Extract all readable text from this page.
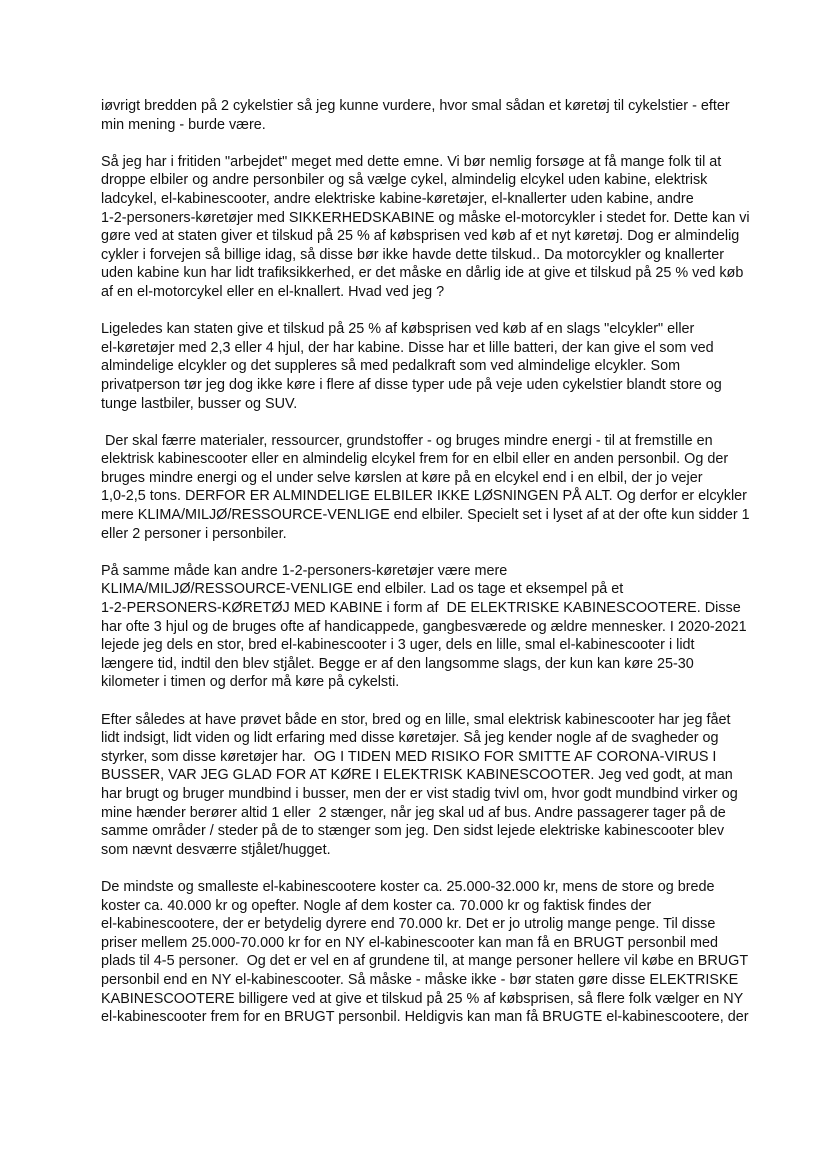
iøvrigt bredden på 2 cykelstier så jeg kunne vurdere, hvor smal sådan et køretøj til cykelstier - efter
min mening - burde være.
Så jeg har i fritiden "arbejdet" meget med dette emne. Vi bør nemlig forsøge at få mange folk til at
droppe elbiler og andre personbiler og så vælge cykel, almindelig elcykel uden kabine, elektrisk
ladcykel, el-kabinescooter, andre elektriske kabine-køretøjer, el-knallerter uden kabine, andre
1-2-personers-køretøjer med SIKKERHEDSKABINE og måske el-motorcykler i stedet for. Dette kan vi
gøre ved at staten giver et tilskud på 25 % af købsprisen ved køb af et nyt køretøj. Dog er almindelig
cykler i forvejen så billige idag, så disse bør ikke havde dette tilskud.. Da motorcykler og knallerter
uden kabine kun har lidt trafiksikkerhed, er det måske en dårlig ide at give et tilskud på 25 % ved køb
af en el-motorcykel eller en el-knallert. Hvad ved jeg ?
Ligeledes kan staten give et tilskud på 25 % af købsprisen ved køb af en slags "elcykler" eller
el-køretøjer med 2,3 eller 4 hjul, der har kabine. Disse har et lille batteri, der kan give el som ved
almindelige elcykler og det suppleres så med pedalkraft som ved almindelige elcykler. Som
privatperson tør jeg dog ikke køre i flere af disse typer ude på veje uden cykelstier blandt store og
tunge lastbiler, busser og SUV.
Der skal færre materialer, ressourcer, grundstoffer - og bruges mindre energi - til at fremstille en
elektrisk kabinescooter eller en almindelig elcykel frem for en elbil eller en anden personbil. Og der
bruges mindre energi og el under selve kørslen at køre på en elcykel end i en elbil, der jo vejer
1,0-2,5 tons. DERFOR ER ALMINDELIGE ELBILER IKKE LØSNINGEN PÅ ALT. Og derfor er elcykler
mere KLIMA/MILJØ/RESSOURCE-VENLIGE end elbiler. Specielt set i lyset af at der ofte kun sidder 1
eller 2 personer i personbiler.
På samme måde kan andre 1-2-personers-køretøjer være mere
KLIMA/MILJØ/RESSOURCE-VENLIGE end elbiler. Lad os tage et eksempel på et
1-2-PERSONERS-KØRETØJ MED KABINE i form af  DE ELEKTRISKE KABINESCOOTERE. Disse
har ofte 3 hjul og de bruges ofte af handicappede, gangbesværede og ældre mennesker. I 2020-2021
lejede jeg dels en stor, bred el-kabinescooter i 3 uger, dels en lille, smal el-kabinescooter i lidt
længere tid, indtil den blev stjålet. Begge er af den langsomme slags, der kun kan køre 25-30
kilometer i timen og derfor må køre på cykelsti.
Efter således at have prøvet både en stor, bred og en lille, smal elektrisk kabinescooter har jeg fået
lidt indsigt, lidt viden og lidt erfaring med disse køretøjer. Så jeg kender nogle af de svagheder og
styrker, som disse køretøjer har.  OG I TIDEN MED RISIKO FOR SMITTE AF CORONA-VIRUS I
BUSSER, VAR JEG GLAD FOR AT KØRE I ELEKTRISK KABINESCOOTER. Jeg ved godt, at man
har brugt og bruger mundbind i busser, men der er vist stadig tvivl om, hvor godt mundbind virker og
mine hænder berører altid 1 eller  2 stænger, når jeg skal ud af bus. Andre passagerer tager på de
samme områder / steder på de to stænger som jeg. Den sidst lejede elektriske kabinescooter blev
som nævnt desværre stjålet/hugget.
De mindste og smalleste el-kabinescootere koster ca. 25.000-32.000 kr, mens de store og brede
koster ca. 40.000 kr og opefter. Nogle af dem koster ca. 70.000 kr og faktisk findes der
el-kabinescootere, der er betydelig dyrere end 70.000 kr. Det er jo utrolig mange penge. Til disse
priser mellem 25.000-70.000 kr for en NY el-kabinescooter kan man få en BRUGT personbil med
plads til 4-5 personer.  Og det er vel en af grundene til, at mange personer hellere vil købe en BRUGT
personbil end en NY el-kabinescooter. Så måske - måske ikke - bør staten gøre disse ELEKTRISKE
KABINESCOOTERE billigere ved at give et tilskud på 25 % af købsprisen, så flere folk vælger en NY
el-kabinescooter frem for en BRUGT personbil. Heldigvis kan man få BRUGTE el-kabinescootere, der
